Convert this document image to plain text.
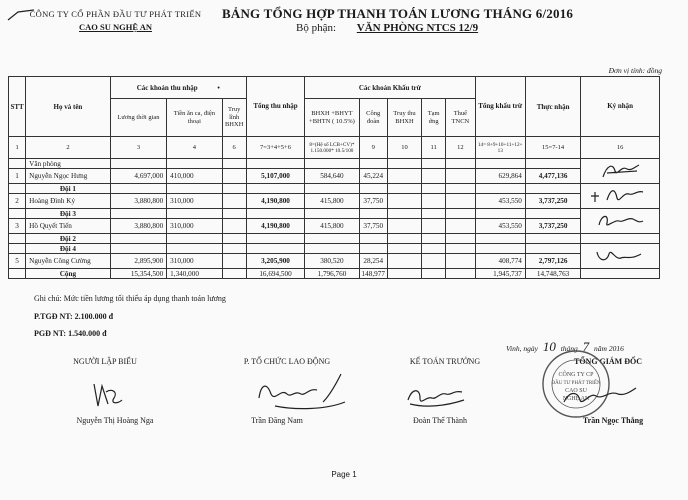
CÔNG TY CỔ PHẦN ĐẦU TƯ PHÁT TRIỂN
CAO SU NGHỆ AN
BẢNG TỔNG HỢP THANH TOÁN LƯƠNG THÁNG 6/2016
Bộ phận: VĂN PHÒNG NTCS 12/9
Đơn vị tính: đồng
STT	Họ và tên	Các khoản thu nhập •			Tổng thu nhập	Các khoản Khấu trừ					Tổng khấu trừ	Thực nhận	Ký nhận
		Lương thời gian	Tiền ăn ca, điện thoại	Truy lĩnh BHXH		BHXH +BHYT +BHTN ( 10.5%)	Công đoàn	Truy thu BHXH	Tạm ứng	Thuế TNCN			
1	2	3	4	6	7=3+4+5+6	8=(Hệ số LCB+CV)* 1.150.000* 10.5/100	9	10	11	12	14= 8+9+10+11+12+ 13	15=7-14	16
	Văn phòng												
1	Nguyễn Ngọc Hưng	4,697,000	410,000		5,107,000	584,640	45,224				629,864	4,477,136	
	Đội 1												
2	Hoàng Đình Kỷ	3,880,800	310,000		4,190,800	415,800	37,750				453,550	3,737,250	
	Đội 3												
3	Hồ Quyết Tiến	3,880,800	310,000		4,190,800	415,800	37,750				453,550	3,737,250	
	Đội 2												
	Đội 4												
5	Nguyễn Công Cường	2,895,900	310,000		3,205,900	380,520	28,254				408,774	2,797,126	
	Cộng	15,354,500	1,340,000		16,694,500	1,796,760	148,977				1,945,737	14,748,763	
Ghi chú: Mức tiền lương tối thiểu áp dụng thanh toán lương
P.TGĐ NT: 2.100.000 đ
PGĐ NT: 1.540.000 đ
Vinh, ngày 10 tháng 7 năm 2016
NGƯỜI LẬP BIỂU	P. TỔ CHỨC LAO ĐỘNG	KẾ TOÁN TRƯỞNG	TỔNG GIÁM ĐỐC
CÔNG TY CP
ĐẦU TƯ PHÁT TRIỂN
CAO SU
NGHỆ AN
Nguyễn Thị Hoàng Nga	Trần Đăng Nam	Đoàn Thế Thành	Trần Ngọc Thắng
Page 1
